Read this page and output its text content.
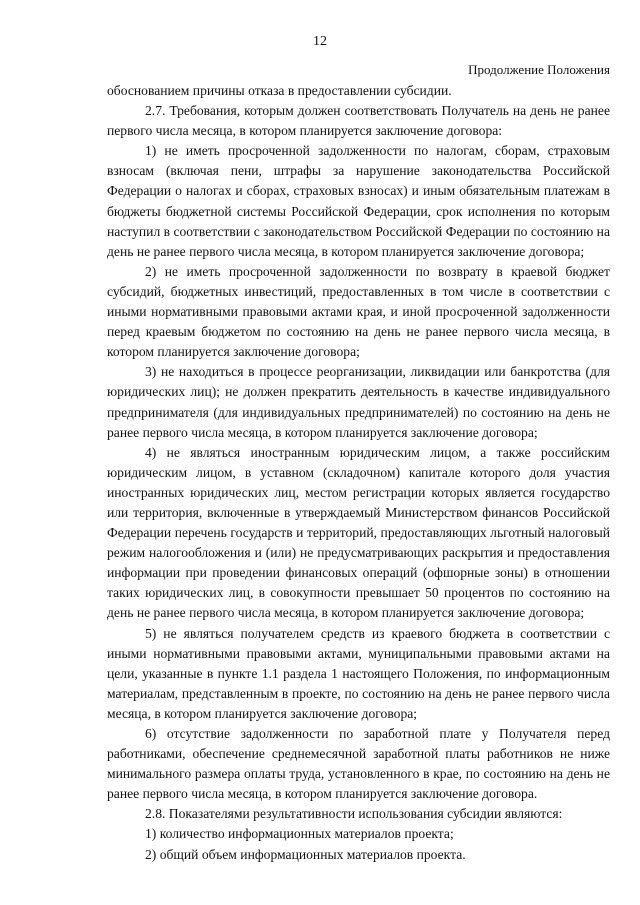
12
Продолжение Положения

обоснованием причины отказа в предоставлении субсидии.

2.7. Требования, которым должен соответствовать Получатель на день не ранее первого числа месяца, в котором планируется заключение договора:

1) не иметь просроченной задолженности по налогам, сборам, страховым взносам (включая пени, штрафы за нарушение законодательства Российской Федерации о налогах и сборах, страховых взносах) и иным обязательным платежам в бюджеты бюджетной системы Российской Федерации, срок исполнения по которым наступил в соответствии с законодательством Российской Федерации по состоянию на день не ранее первого числа месяца, в котором планируется заключение договора;

2) не иметь просроченной задолженности по возврату в краевой бюджет субсидий, бюджетных инвестиций, предоставленных в том числе в соответствии с иными нормативными правовыми актами края, и иной просроченной задолженности перед краевым бюджетом по состоянию на день не ранее первого числа месяца, в котором планируется заключение договора;

3) не находиться в процессе реорганизации, ликвидации или банкротства (для юридических лиц); не должен прекратить деятельность в качестве индивидуального предпринимателя (для индивидуальных предпринимателей) по состоянию на день не ранее первого числа месяца, в котором планируется заключение договора;

4) не являться иностранным юридическим лицом, а также российским юридическим лицом, в уставном (складочном) капитале которого доля участия иностранных юридических лиц, местом регистрации которых является государство или территория, включенные в утверждаемый Министерством финансов Российской Федерации перечень государств и территорий, предоставляющих льготный налоговый режим налогообложения и (или) не предусматривающих раскрытия и предоставления информации при проведении финансовых операций (офшорные зоны) в отношении таких юридических лиц, в совокупности превышает 50 процентов по состоянию на день не ранее первого числа месяца, в котором планируется заключение договора;

5) не являться получателем средств из краевого бюджета в соответствии с иными нормативными правовыми актами, муниципальными правовыми актами на цели, указанные в пункте 1.1 раздела 1 настоящего Положения, по информационным материалам, представленным в проекте, по состоянию на день не ранее первого числа месяца, в котором планируется заключение договора;

6) отсутствие задолженности по заработной плате у Получателя перед работниками, обеспечение среднемесячной заработной платы работников не ниже минимального размера оплаты труда, установленного в крае, по состоянию на день не ранее первого числа месяца, в котором планируется заключение договора.

2.8. Показателями результативности использования субсидии являются:

1) количество информационных материалов проекта;

2) общий объем информационных материалов проекта.
